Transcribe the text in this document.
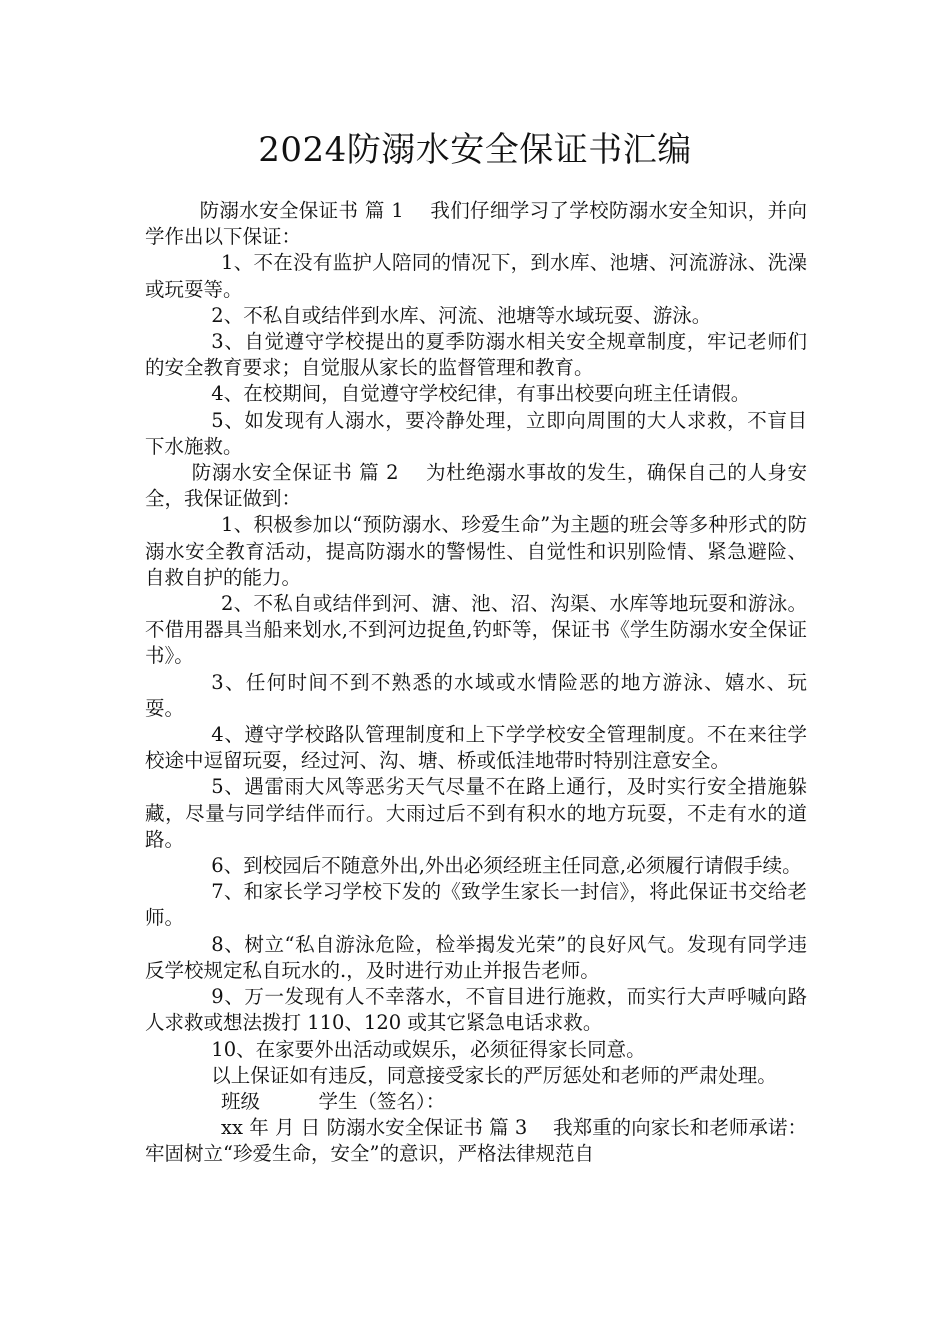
2024防溺水安全保证书汇编

防溺水安全保证书 篇 1　 我们仔细学习了学校防溺水安全知识，并向学作出以下保证：

1、不在没有监护人陪同的情况下，到水库、池塘、河流游泳、洗澡或玩耍等。

2、不私自或结伴到水库、河流、池塘等水域玩耍、游泳。

3、自觉遵守学校提出的夏季防溺水相关安全规章制度，牢记老师们的安全教育要求；自觉服从家长的监督管理和教育。

4、在校期间，自觉遵守学校纪律，有事出校要向班主任请假。

5、如发现有人溺水，要冷静处理，立即向周围的大人求救，不盲目下水施救。

防溺水安全保证书 篇 2　 为杜绝溺水事故的发生，确保自己的人身安全，我保证做到：

1、积极参加以“预防溺水、珍爱生命”为主题的班会等多种形式的防溺水安全教育活动，提高防溺水的警惕性、自觉性和识别险情、紧急避险、自救自护的能力。

2、不私自或结伴到河、溏、池、沼、沟渠、水库等地玩耍和游泳。不借用器具当船来划水,不到河边捉鱼,钓虾等，保证书《学生防溺水安全保证书》。

3、任何时间不到不熟悉的水域或水情险恶的地方游泳、嬉水、玩耍。

4、遵守学校路队管理制度和上下学学校安全管理制度。不在来往学校途中逗留玩耍，经过河、沟、塘、桥或低洼地带时特别注意安全。

5、遇雷雨大风等恶劣天气尽量不在路上通行，及时实行安全措施躲藏，尽量与同学结伴而行。大雨过后不到有积水的地方玩耍，不走有水的道路。

6、到校园后不随意外出,外出必须经班主任同意,必须履行请假手续。

7、和家长学习学校下发的《致学生家长一封信》，将此保证书交给老师。

8、树立“私自游泳危险，检举揭发光荣”的良好风气。发现有同学违反学校规定私自玩水的.，及时进行劝止并报告老师。

9、万一发现有人不幸落水，不盲目进行施救，而实行大声呼喊向路人求救或想法拨打 110、120 或其它紧急电话求救。

10、在家要外出活动或娱乐，必须征得家长同意。

以上保证如有违反，同意接受家长的严厉惩处和老师的严肃处理。

班级　　　学生（签名）：

xx 年 月 日 防溺水安全保证书 篇 3　 我郑重的向家长和老师承诺：牢固树立“珍爱生命，安全”的意识，严格法律规范自
